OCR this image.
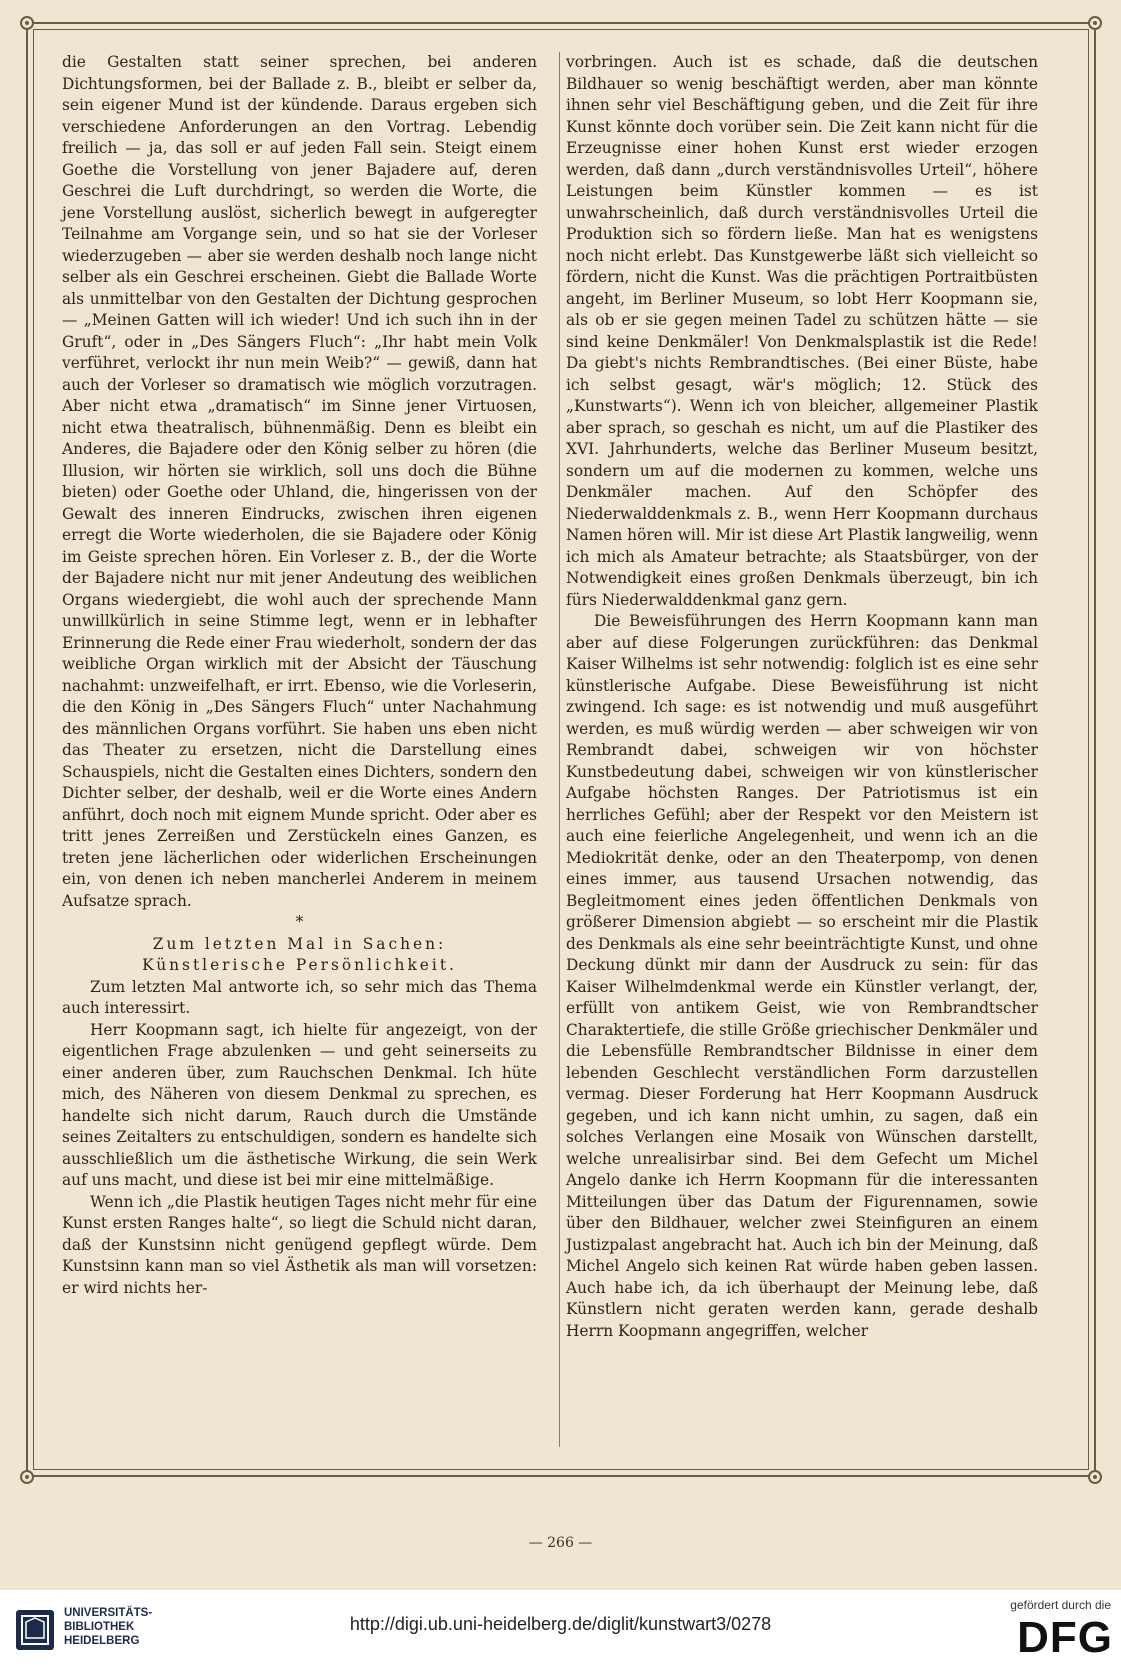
die Gestalten statt seiner sprechen, bei anderen Dichtungsformen, bei der Ballade z. B., bleibt er selber da, sein eigener Mund ist der kündende. Daraus ergeben sich verschiedene Anforderungen an den Vortrag. Lebendig freilich — ja, das soll er auf jeden Fall sein. Steigt einem Goethe die Vorstellung von jener Bajadere auf, deren Geschrei die Luft durchdringt, so werden die Worte, die jene Vorstellung auslöst, sicherlich bewegt in aufgeregter Teilnahme am Vorgange sein, und so hat sie der Vorleser wiederzugeben — aber sie werden deshalb noch lange nicht selber als ein Geschrei erscheinen. Giebt die Ballade Worte als unmittelbar von den Gestalten der Dichtung gesprochen — „Meinen Gatten will ich wieder! Und ich such ihn in der Gruft“, oder in „Des Sängers Fluch“: „Ihr habt mein Volk verführet, verlockt ihr nun mein Weib?“ — gewiß, dann hat auch der Vorleser so dramatisch wie möglich vorzutragen. Aber nicht etwa „dramatisch“ im Sinne jener Virtuosen, nicht etwa theatralisch, bühnenmäßig. Denn es bleibt ein Anderes, die Bajadere oder den König selber zu hören (die Illusion, wir hörten sie wirklich, soll uns doch die Bühne bieten) oder Goethe oder Uhland, die, hingerissen von der Gewalt des inneren Eindrucks, zwischen ihren eigenen erregt die Worte wiederholen, die sie Bajadere oder König im Geiste sprechen hören. Ein Vorleser z. B., der die Worte der Bajadere nicht nur mit jener Andeutung des weiblichen Organs wiedergiebt, die wohl auch der sprechende Mann unwillkürlich in seine Stimme legt, wenn er in lebhafter Erinnerung die Rede einer Frau wiederholt, sondern der das weibliche Organ wirklich mit der Absicht der Täuschung nachahmt: unzweifelhaft, er irrt. Ebenso, wie die Vorleserin, die den König in „Des Sängers Fluch“ unter Nachahmung des männlichen Organs vorführt. Sie haben uns eben nicht das Theater zu ersetzen, nicht die Darstellung eines Schauspiels, nicht die Gestalten eines Dichters, sondern den Dichter selber, der deshalb, weil er die Worte eines Andern anführt, doch noch mit eignem Munde spricht. Oder aber es tritt jenes Zerreißen und Zerstückeln eines Ganzen, es treten jene lächerlichen oder widerlichen Erscheinungen ein, von denen ich neben mancherlei Anderem in meinem Aufsatze sprach.

*

Zum letzten Mal in Sachen:

Künstlerische Persönlichkeit.

Zum letzten Mal antworte ich, so sehr mich das Thema auch interessirt.

Herr Koopmann sagt, ich hielte für angezeigt, von der eigentlichen Frage abzulenken — und geht seinerseits zu einer anderen über, zum Rauchschen Denkmal. Ich hüte mich, des Näheren von diesem Denkmal zu sprechen, es handelte sich nicht darum, Rauch durch die Umstände seines Zeitalters zu entschuldigen, sondern es handelte sich ausschließlich um die ästhetische Wirkung, die sein Werk auf uns macht, und diese ist bei mir eine mittelmäßige.

Wenn ich „die Plastik heutigen Tages nicht mehr für eine Kunst ersten Ranges halte“, so liegt die Schuld nicht daran, daß der Kunstsinn nicht genügend gepflegt würde. Dem Kunstsinn kann man so viel Ästhetik als man will vorsetzen: er wird nichts her-

vorbringen. Auch ist es schade, daß die deutschen Bildhauer so wenig beschäftigt werden, aber man könnte ihnen sehr viel Beschäftigung geben, und die Zeit für ihre Kunst könnte doch vorüber sein. Die Zeit kann nicht für die Erzeugnisse einer hohen Kunst erst wieder erzogen werden, daß dann „durch verständnisvolles Urteil“, höhere Leistungen beim Künstler kommen — es ist unwahrscheinlich, daß durch verständnisvolles Urteil die Produktion sich so fördern ließe. Man hat es wenigstens noch nicht erlebt. Das Kunstgewerbe läßt sich vielleicht so fördern, nicht die Kunst. Was die prächtigen Portraitbüsten angeht, im Berliner Museum, so lobt Herr Koopmann sie, als ob er sie gegen meinen Tadel zu schützen hätte — sie sind keine Denkmäler! Von Denkmalsplastik ist die Rede! Da giebt's nichts Rembrandtisches. (Bei einer Büste, habe ich selbst gesagt, wär's möglich; 12. Stück des „Kunstwarts“). Wenn ich von bleicher, allgemeiner Plastik aber sprach, so geschah es nicht, um auf die Plastiker des XVI. Jahrhunderts, welche das Berliner Museum besitzt, sondern um auf die modernen zu kommen, welche uns Denkmäler machen. Auf den Schöpfer des Niederwalddenkmals z. B., wenn Herr Koopmann durchaus Namen hören will. Mir ist diese Art Plastik langweilig, wenn ich mich als Amateur betrachte; als Staatsbürger, von der Notwendigkeit eines großen Denkmals überzeugt, bin ich fürs Niederwalddenkmal ganz gern.

Die Beweisführungen des Herrn Koopmann kann man aber auf diese Folgerungen zurückführen: das Denkmal Kaiser Wilhelms ist sehr notwendig: folglich ist es eine sehr künstlerische Aufgabe. Diese Beweisführung ist nicht zwingend. Ich sage: es ist notwendig und muß ausgeführt werden, es muß würdig werden — aber schweigen wir von Rembrandt dabei, schweigen wir von höchster Kunstbedeutung dabei, schweigen wir von künstlerischer Aufgabe höchsten Ranges. Der Patriotismus ist ein herrliches Gefühl; aber der Respekt vor den Meistern ist auch eine feierliche Angelegenheit, und wenn ich an die Mediokrität denke, oder an den Theaterpomp, von denen eines immer, aus tausend Ursachen notwendig, das Begleitmoment eines jeden öffentlichen Denkmals von größerer Dimension abgiebt — so erscheint mir die Plastik des Denkmals als eine sehr beeinträchtigte Kunst, und ohne Deckung dünkt mir dann der Ausdruck zu sein: für das Kaiser Wilhelmdenkmal werde ein Künstler verlangt, der, erfüllt von antikem Geist, wie von Rembrandtscher Charaktertiefe, die stille Größe griechischer Denkmäler und die Lebensfülle Rembrandtscher Bildnisse in einer dem lebenden Geschlecht verständlichen Form darzustellen vermag. Dieser Forderung hat Herr Koopmann Ausdruck gegeben, und ich kann nicht umhin, zu sagen, daß ein solches Verlangen eine Mosaik von Wünschen darstellt, welche unrealisirbar sind. Bei dem Gefecht um Michel Angelo danke ich Herrn Koopmann für die interessanten Mitteilungen über das Datum der Figurennamen, sowie über den Bildhauer, welcher zwei Steinfiguren an einem Justizpalast angebracht hat. Auch ich bin der Meinung, daß Michel Angelo sich keinen Rat würde haben geben lassen. Auch habe ich, da ich überhaupt der Meinung lebe, daß Künstlern nicht geraten werden kann, gerade deshalb Herrn Koopmann angegriffen, welcher

— 266 —
UNIVERSITÄTS-
BIBLIOTHEK
HEIDELBERG
http://digi.ub.uni-heidelberg.de/diglit/kunstwart3/0278
gefördert durch die
DFG
